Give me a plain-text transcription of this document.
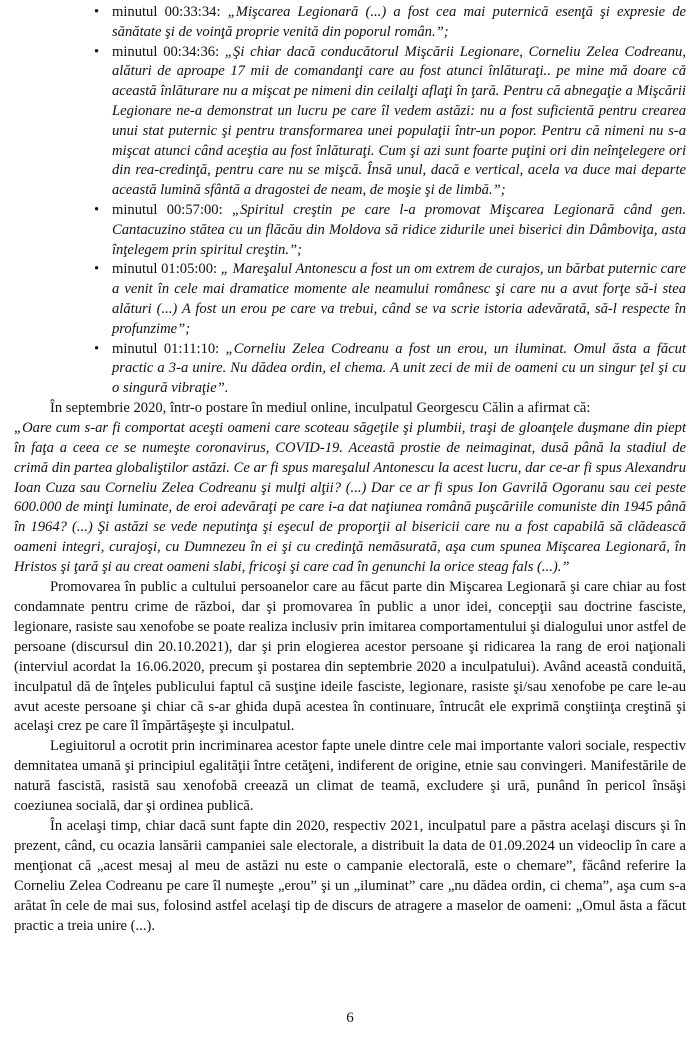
• minutul 00:33:34: „Mişcarea Legionară (...) a fost cea mai puternică esenţă şi expresie de sănătate şi de voinţă proprie venită din poporul român.”;
• minutul 00:34:36: „Şi chiar dacă conducătorul Mişcării Legionare, Corneliu Zelea Codreanu, alături de aproape 17 mii de comandanţi care au fost atunci înlăturaţi.. pe mine mă doare că această înlăturare nu a mişcat pe nimeni din ceilalţi aflaţi în ţară. Pentru că abnegaţie a Mişcării Legionare ne-a demonstrat un lucru pe care îl vedem astăzi: nu a fost suficientă pentru crearea unui stat puternic şi pentru transformarea unei populaţii într-un popor. Pentru că nimeni nu s-a mişcat atunci când aceştia au fost înlăturaţi. Cum şi azi sunt foarte puţini ori din neînţelegere ori din rea-credinţă, pentru care nu se mişcă. Însă unul, dacă e vertical, acela va duce mai departe această lumină sfântă a dragostei de neam, de moşie şi de limbă.”;
• minutul 00:57:00: „Spiritul creştin pe care l-a promovat Mişcarea Legionară când gen. Cantacuzino stătea cu un flăcău din Moldova să ridice zidurile unei biserici din Dâmboviţa, asta înţelegem prin spiritul creştin.”;
• minutul 01:05:00: „ Mareşalul Antonescu a fost un om extrem de curajos, un bărbat puternic care a venit în cele mai dramatice momente ale neamului românesc şi care nu a avut forţe să-i stea alături (...) A fost un erou pe care va trebui, când se va scrie istoria adevărată, să-l respecte în profunzime”;
• minutul 01:11:10: „Corneliu Zelea Codreanu a fost un erou, un iluminat. Omul ăsta a făcut practic a 3-a unire. Nu dădea ordin, el chema. A unit zeci de mii de oameni cu un singur ţel şi cu o singură vibraţie”.

În septembrie 2020, într-o postare în mediul online, inculpatul Georgescu Călin a afirmat că:

„Oare cum s-ar fi comportat aceşti oameni care scoteau săgeţile şi plumbii, traşi de gloanţele duşmane din piept în faţa a ceea ce se numeşte coronavirus, COVID-19. Această prostie de neimaginat, dusă până la stadiul de crimă din partea globaliştilor astăzi. Ce ar fi spus mareşalul Antonescu la acest lucru, dar ce-ar fi spus Alexandru Ioan Cuza sau Corneliu Zelea Codreanu şi mulţi alţii? (...) Dar ce ar fi spus Ion Gavrilă Ogoranu sau cei peste 600.000 de minţi luminate, de eroi adevăraţi pe care i-a dat naţiunea română puşcăriile comuniste din 1945 până în 1964? (...) Şi astăzi se vede neputinţa şi eşecul de proporţii al bisericii care nu a fost capabilă să clădească oameni integri, curajoşi, cu Dumnezeu în ei şi cu credinţă nemăsurată, aşa cum spunea Mişcarea Legionară, în Hristos şi ţară şi au creat oameni slabi, fricoşi şi care cad în genunchi la orice steag fals (...).”

Promovarea în public a cultului persoanelor care au făcut parte din Mişcarea Legionară şi care chiar au fost condamnate pentru crime de război, dar şi promovarea în public a unor idei, concepţii sau doctrine fasciste, legionare, rasiste sau xenofobe se poate realiza inclusiv prin imitarea comportamentului şi dialogului unor astfel de persoane (discursul din 20.10.2021), dar şi prin elogierea acestor persoane şi ridicarea la rang de eroi naţionali (interviul acordat la 16.06.2020, precum şi postarea din septembrie 2020 a inculpatului). Având această conduită, inculpatul dă de înţeles publicului faptul că susţine ideile fasciste, legionare, rasiste şi/sau xenofobe pe care le-au avut aceste persoane şi chiar că s-ar ghida după acestea în continuare, întrucât ele exprimă conştiinţa creştină şi acelaşi crez pe care îl împărtăşeşte şi inculpatul.

Legiuitorul a ocrotit prin incriminarea acestor fapte unele dintre cele mai importante valori sociale, respectiv demnitatea umană şi principiul egalităţii între cetăţeni, indiferent de origine, etnie sau convingeri. Manifestările de natură fascistă, rasistă sau xenofobă creează un climat de teamă, excludere şi ură, punând în pericol însăşi coeziunea socială, dar şi ordinea publică.

În acelaşi timp, chiar dacă sunt fapte din 2020, respectiv 2021, inculpatul pare a păstra acelaşi discurs şi în prezent, când, cu ocazia lansării campaniei sale electorale, a distribuit la data de 01.09.2024 un videoclip în care a menţionat că „acest mesaj al meu de astăzi nu este o campanie electorală, este o chemare”, făcând referire la Corneliu Zelea Codreanu pe care îl numeşte „erou” şi un „iluminat” care „nu dădea ordin, ci chema”, aşa cum s-a arătat în cele de mai sus, folosind astfel acelaşi tip de discurs de atragere a maselor de oameni: „Omul ăsta a făcut practic a treia unire (...).

6
